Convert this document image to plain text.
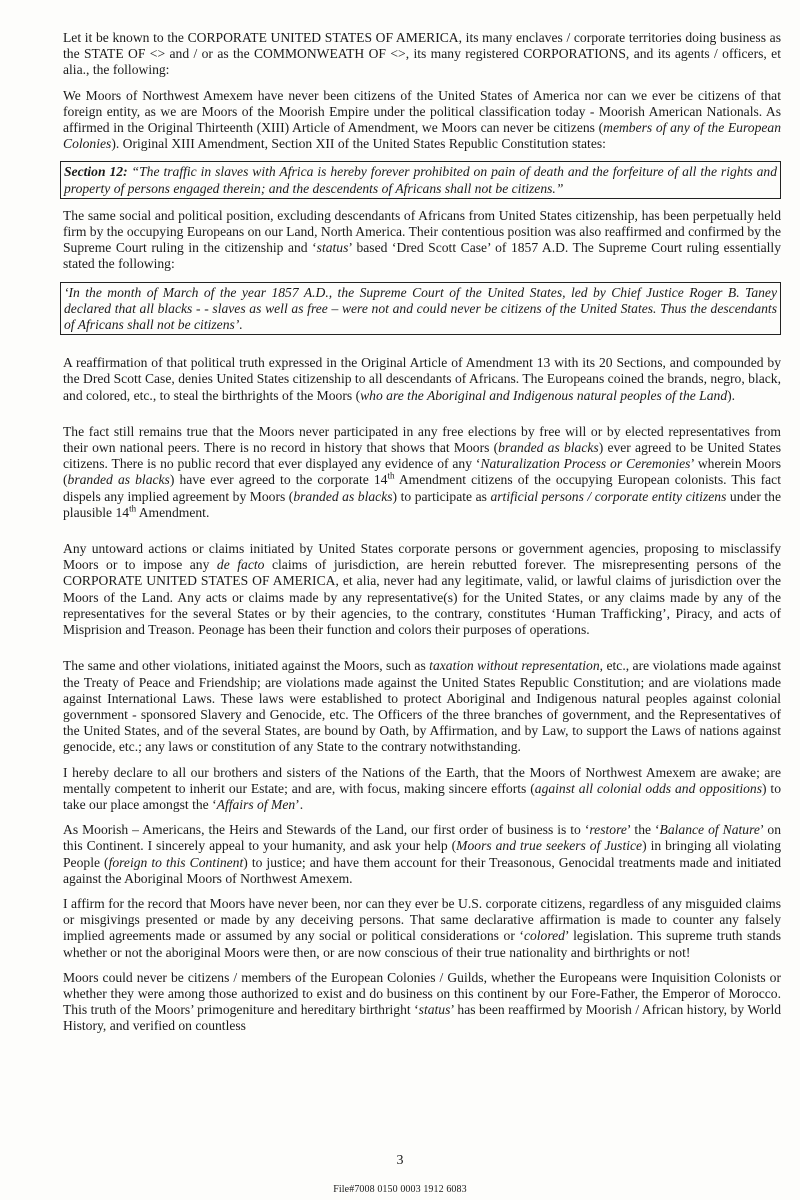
Let it be known to the CORPORATE UNITED STATES OF AMERICA, its many enclaves / corporate territories doing business as the STATE OF <> and / or as the COMMONWEATH OF <>, its many registered CORPORATIONS, and its agents / officers, et alia., the following:

We Moors of Northwest Amexem have never been citizens of the United States of America nor can we ever be citizens of that foreign entity, as we are Moors of the Moorish Empire under the political classification today - Moorish American Nationals. As affirmed in the Original Thirteenth (XIII) Article of Amendment, we Moors can never be citizens (members of any of the European Colonies). Original XIII Amendment, Section XII of the United States Republic Constitution states:

Section 12: “The traffic in slaves with Africa is hereby forever prohibited on pain of death and the forfeiture of all the rights and property of persons engaged therein; and the descendents of Africans shall not be citizens.”

The same social and political position, excluding descendants of Africans from United States citizenship, has been perpetually held firm by the occupying Europeans on our Land, North America. Their contentious position was also reaffirmed and confirmed by the Supreme Court ruling in the citizenship and ‘status’ based ‘Dred Scott Case’ of 1857 A.D. The Supreme Court ruling essentially stated the following:

‘In the month of March of the year 1857 A.D., the Supreme Court of the United States, led by Chief Justice Roger B. Taney declared that all blacks - - slaves as well as free – were not and could never be citizens of the United States. Thus the descendants of Africans shall not be citizens’.

A reaffirmation of that political truth expressed in the Original Article of Amendment 13 with its 20 Sections, and compounded by the Dred Scott Case, denies United States citizenship to all descendants of Africans. The Europeans coined the brands, negro, black, and colored, etc., to steal the birthrights of the Moors (who are the Aboriginal and Indigenous natural peoples of the Land).

The fact still remains true that the Moors never participated in any free elections by free will or by elected representatives from their own national peers. There is no record in history that shows that Moors (branded as blacks) ever agreed to be United States citizens. There is no public record that ever displayed any evidence of any ‘Naturalization Process or Ceremonies’ wherein Moors (branded as blacks) have ever agreed to the corporate 14th Amendment citizens of the occupying European colonists. This fact dispels any implied agreement by Moors (branded as blacks) to participate as artificial persons / corporate entity citizens under the plausible 14th Amendment.

Any untoward actions or claims initiated by United States corporate persons or government agencies, proposing to misclassify Moors or to impose any de facto claims of jurisdiction, are herein rebutted forever. The misrepresenting persons of the CORPORATE UNITED STATES OF AMERICA, et alia, never had any legitimate, valid, or lawful claims of jurisdiction over the Moors of the Land. Any acts or claims made by any representative(s) for the United States, or any claims made by any of the representatives for the several States or by their agencies, to the contrary, constitutes ‘Human Trafficking’, Piracy, and acts of Misprision and Treason. Peonage has been their function and colors their purposes of operations.

The same and other violations, initiated against the Moors, such as taxation without representation, etc., are violations made against the Treaty of Peace and Friendship; are violations made against the United States Republic Constitution; and are violations made against International Laws. These laws were established to protect Aboriginal and Indigenous natural peoples against colonial government - sponsored Slavery and Genocide, etc. The Officers of the three branches of government, and the Representatives of the United States, and of the several States, are bound by Oath, by Affirmation, and by Law, to support the Laws of nations against genocide, etc.; any laws or constitution of any State to the contrary notwithstanding.

I hereby declare to all our brothers and sisters of the Nations of the Earth, that the Moors of Northwest Amexem are awake; are mentally competent to inherit our Estate; and are, with focus, making sincere efforts (against all colonial odds and oppositions) to take our place amongst the ‘Affairs of Men’.

As Moorish – Americans, the Heirs and Stewards of the Land, our first order of business is to ‘restore’ the ‘Balance of Nature’ on this Continent. I sincerely appeal to your humanity, and ask your help (Moors and true seekers of Justice) in bringing all violating People (foreign to this Continent) to justice; and have them account for their Treasonous, Genocidal treatments made and initiated against the Aboriginal Moors of Northwest Amexem.

I affirm for the record that Moors have never been, nor can they ever be U.S. corporate citizens, regardless of any misguided claims or misgivings presented or made by any deceiving persons. That same declarative affirmation is made to counter any falsely implied agreements made or assumed by any social or political considerations or ‘colored’ legislation. This supreme truth stands whether or not the aboriginal Moors were then, or are now conscious of their true nationality and birthrights or not!

Moors could never be citizens / members of the European Colonies / Guilds, whether the Europeans were Inquisition Colonists or whether they were among those authorized to exist and do business on this continent by our Fore-Father, the Emperor of Morocco. This truth of the Moors’ primogeniture and hereditary birthright ‘status’ has been reaffirmed by Moorish / African history, by World History, and verified on countless

3
File#7008 0150 0003 1912 6083
